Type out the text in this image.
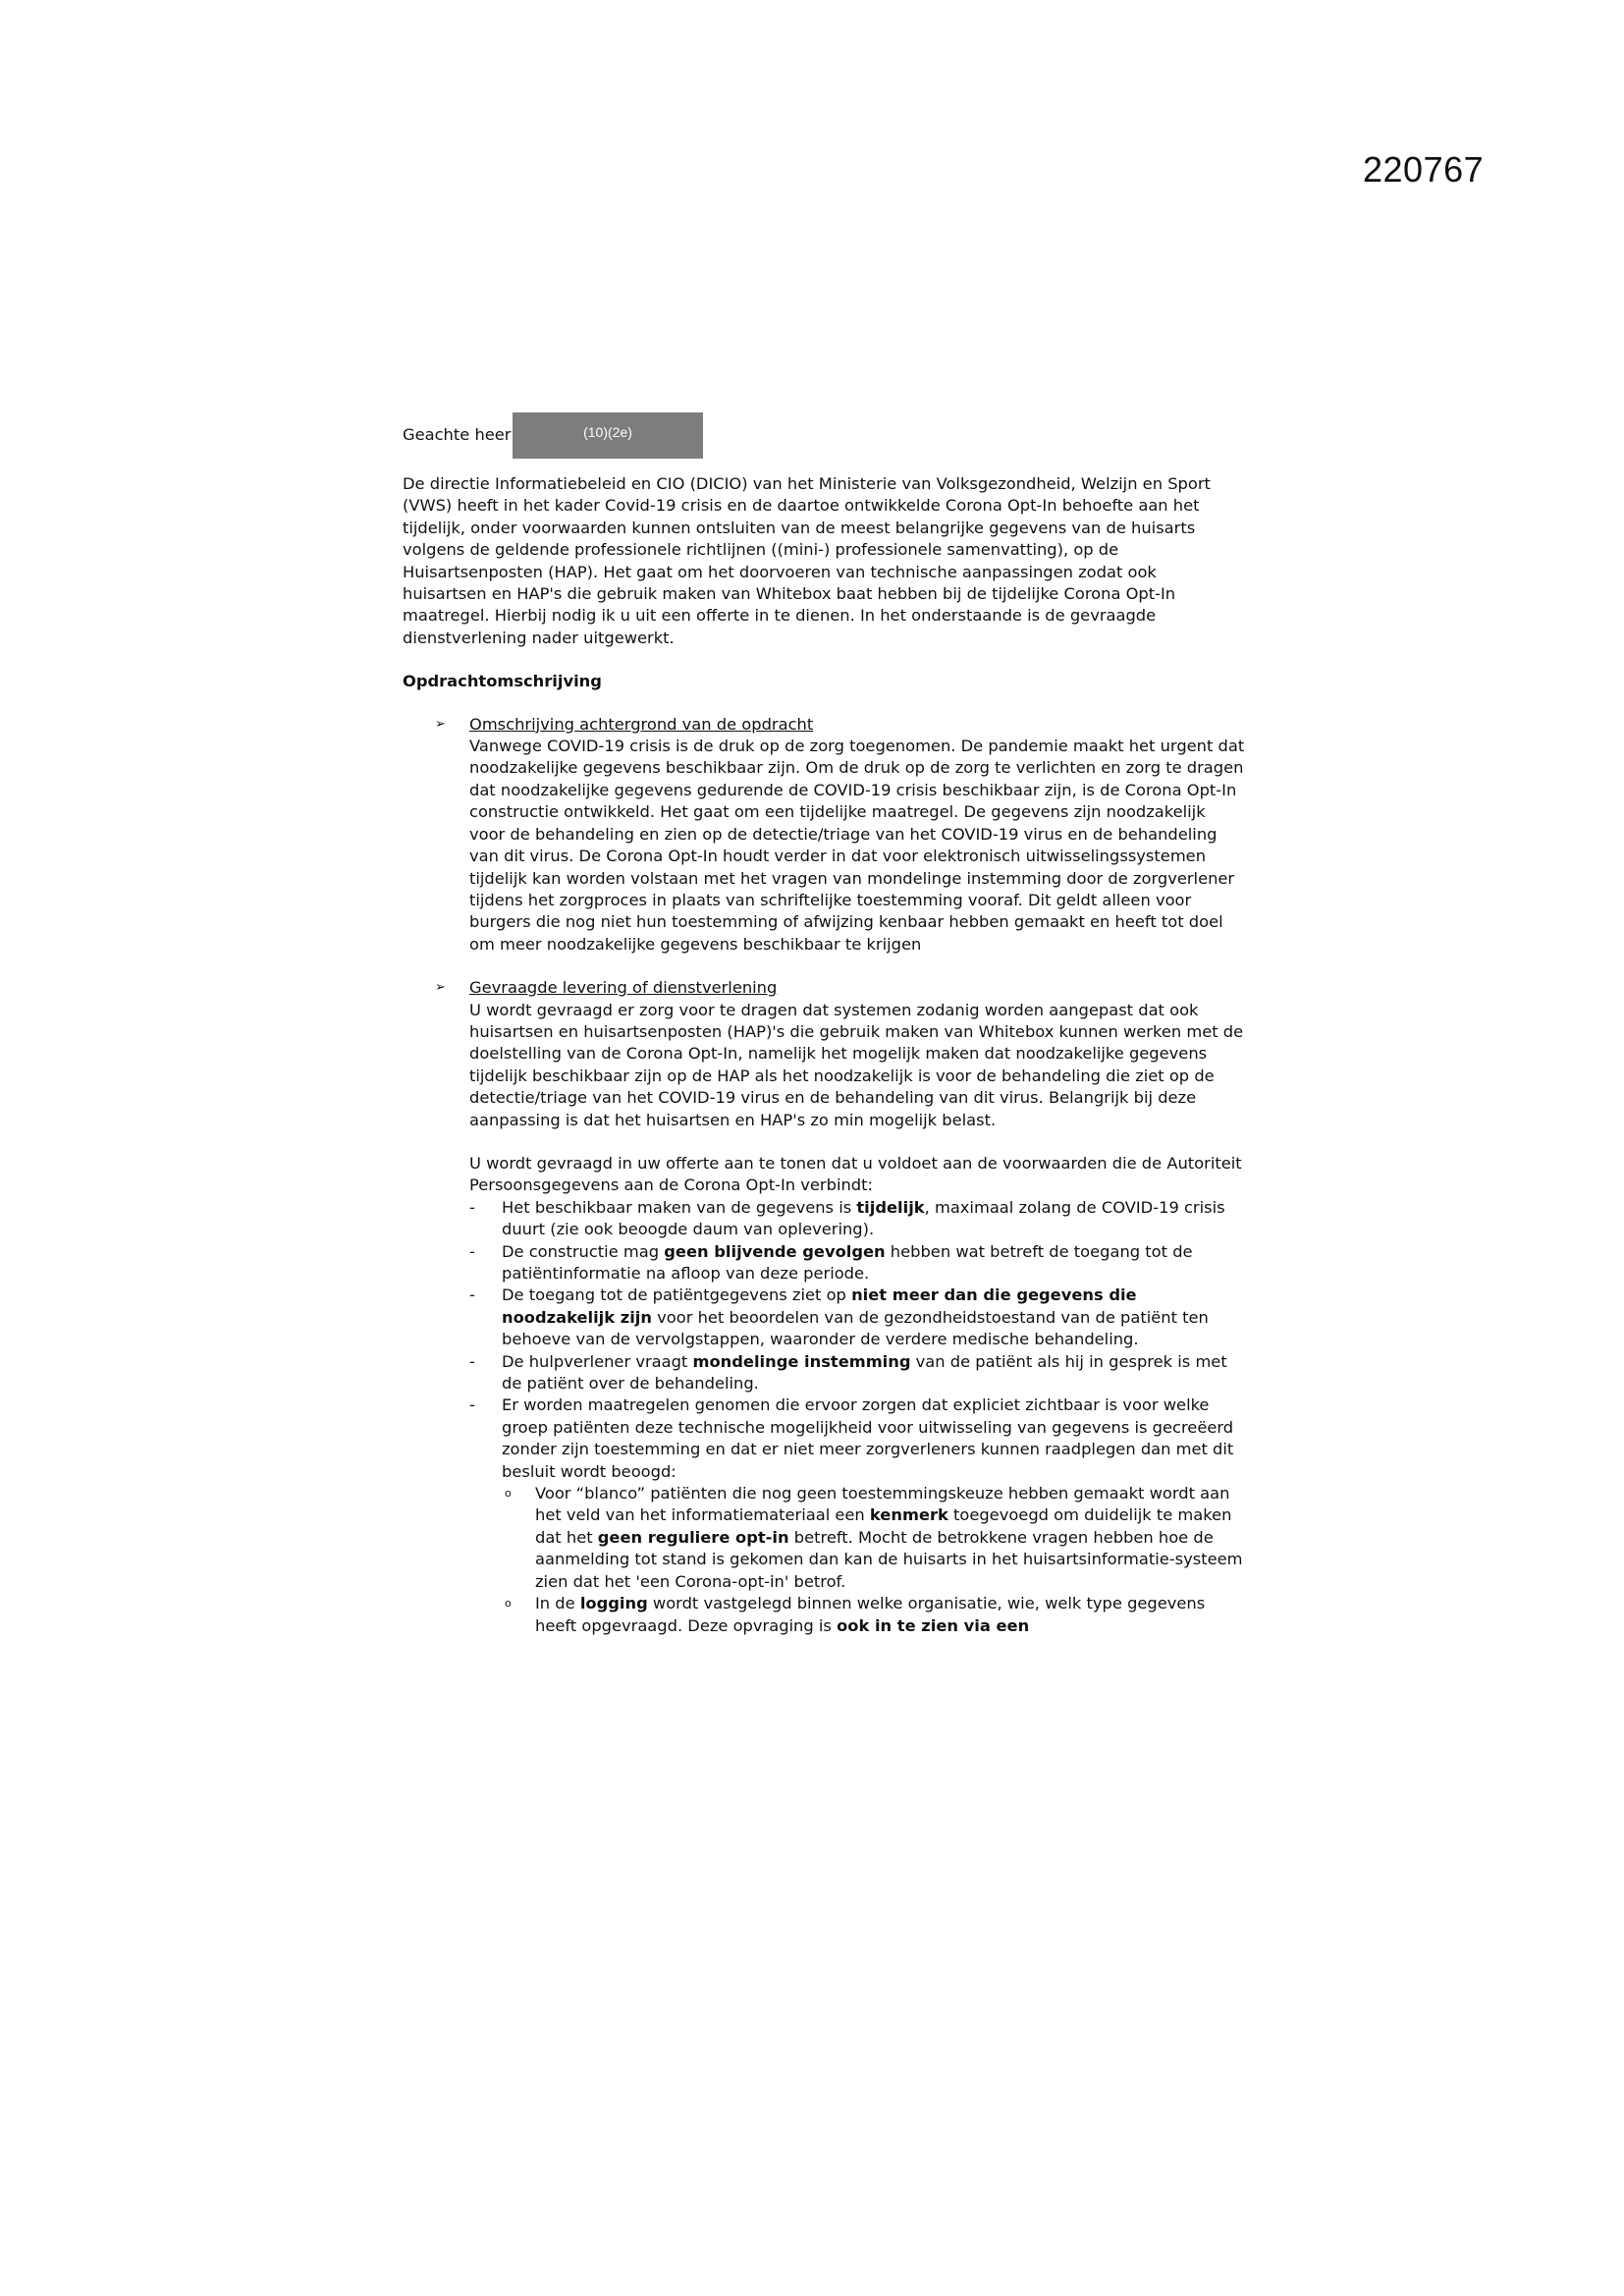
220767
Geachte heer	(10)(2e)

De directie Informatiebeleid en CIO (DICIO) van het Ministerie van Volksgezondheid, Welzijn en Sport (VWS) heeft in het kader Covid-19 crisis en de daartoe ontwikkelde Corona Opt-In behoefte aan het tijdelijk, onder voorwaarden kunnen ontsluiten van de meest belangrijke gegevens van de huisarts volgens de geldende professionele richtlijnen ((mini-) professionele samenvatting), op de Huisartsenposten (HAP). Het gaat om het doorvoeren van technische aanpassingen zodat ook huisartsen en HAP's die gebruik maken van Whitebox baat hebben bij de tijdelijke Corona Opt-In maatregel. Hierbij nodig ik u uit een offerte in te dienen. In het onderstaande is de gevraagde dienstverlening nader uitgewerkt.

Opdrachtomschrijving

➢ Omschrijving achtergrond van de opdracht

Vanwege COVID-19 crisis is de druk op de zorg toegenomen. De pandemie maakt het urgent dat noodzakelijke gegevens beschikbaar zijn. Om de druk op de zorg te verlichten en zorg te dragen dat noodzakelijke gegevens gedurende de COVID-19 crisis beschikbaar zijn, is de Corona Opt-In constructie ontwikkeld. Het gaat om een tijdelijke maatregel. De gegevens zijn noodzakelijk voor de behandeling en zien op de detectie/triage van het COVID-19 virus en de behandeling van dit virus. De Corona Opt-In houdt verder in dat voor elektronisch uitwisselingssystemen tijdelijk kan worden volstaan met het vragen van mondelinge instemming door de zorgverlener tijdens het zorgproces in plaats van schriftelijke toestemming vooraf. Dit geldt alleen voor burgers die nog niet hun toestemming of afwijzing kenbaar hebben gemaakt en heeft tot doel om meer noodzakelijke gegevens beschikbaar te krijgen

➢ Gevraagde levering of dienstverlening

U wordt gevraagd er zorg voor te dragen dat systemen zodanig worden aangepast dat ook huisartsen en huisartsenposten (HAP)'s die gebruik maken van Whitebox kunnen werken met de doelstelling van de Corona Opt-In, namelijk het mogelijk maken dat noodzakelijke gegevens tijdelijk beschikbaar zijn op de HAP als het noodzakelijk is voor de behandeling die ziet op de detectie/triage van het COVID-19 virus en de behandeling van dit virus. Belangrijk bij deze aanpassing is dat het huisartsen en HAP's zo min mogelijk belast.

U wordt gevraagd in uw offerte aan te tonen dat u voldoet aan de voorwaarden die de Autoriteit Persoonsgegevens aan de Corona Opt-In verbindt:

- Het beschikbaar maken van de gegevens is tijdelijk, maximaal zolang de COVID-19 crisis duurt (zie ook beoogde daum van oplevering).
- De constructie mag geen blijvende gevolgen hebben wat betreft de toegang tot de patiëntinformatie na afloop van deze periode.
- De toegang tot de patiëntgegevens ziet op niet meer dan die gegevens die noodzakelijk zijn voor het beoordelen van de gezondheidstoestand van de patiënt ten behoeve van de vervolgstappen, waaronder de verdere medische behandeling.
- De hulpverlener vraagt mondelinge instemming van de patiënt als hij in gesprek is met de patiënt over de behandeling.
- Er worden maatregelen genomen die ervoor zorgen dat expliciet zichtbaar is voor welke groep patiënten deze technische mogelijkheid voor uitwisseling van gegevens is gecreëerd zonder zijn toestemming en dat er niet meer zorgverleners kunnen raadplegen dan met dit besluit wordt beoogd:
o Voor “blanco” patiënten die nog geen toestemmingskeuze hebben gemaakt wordt aan het veld van het informatiemateriaal een kenmerk toegevoegd om duidelijk te maken dat het geen reguliere opt-in betreft. Mocht de betrokkene vragen hebben hoe de aanmelding tot stand is gekomen dan kan de huisarts in het huisartsinformatie-systeem zien dat het 'een Corona-opt-in' betrof.
o In de logging wordt vastgelegd binnen welke organisatie, wie, welk type gegevens heeft opgevraagd. Deze opvraging is ook in te zien via een
